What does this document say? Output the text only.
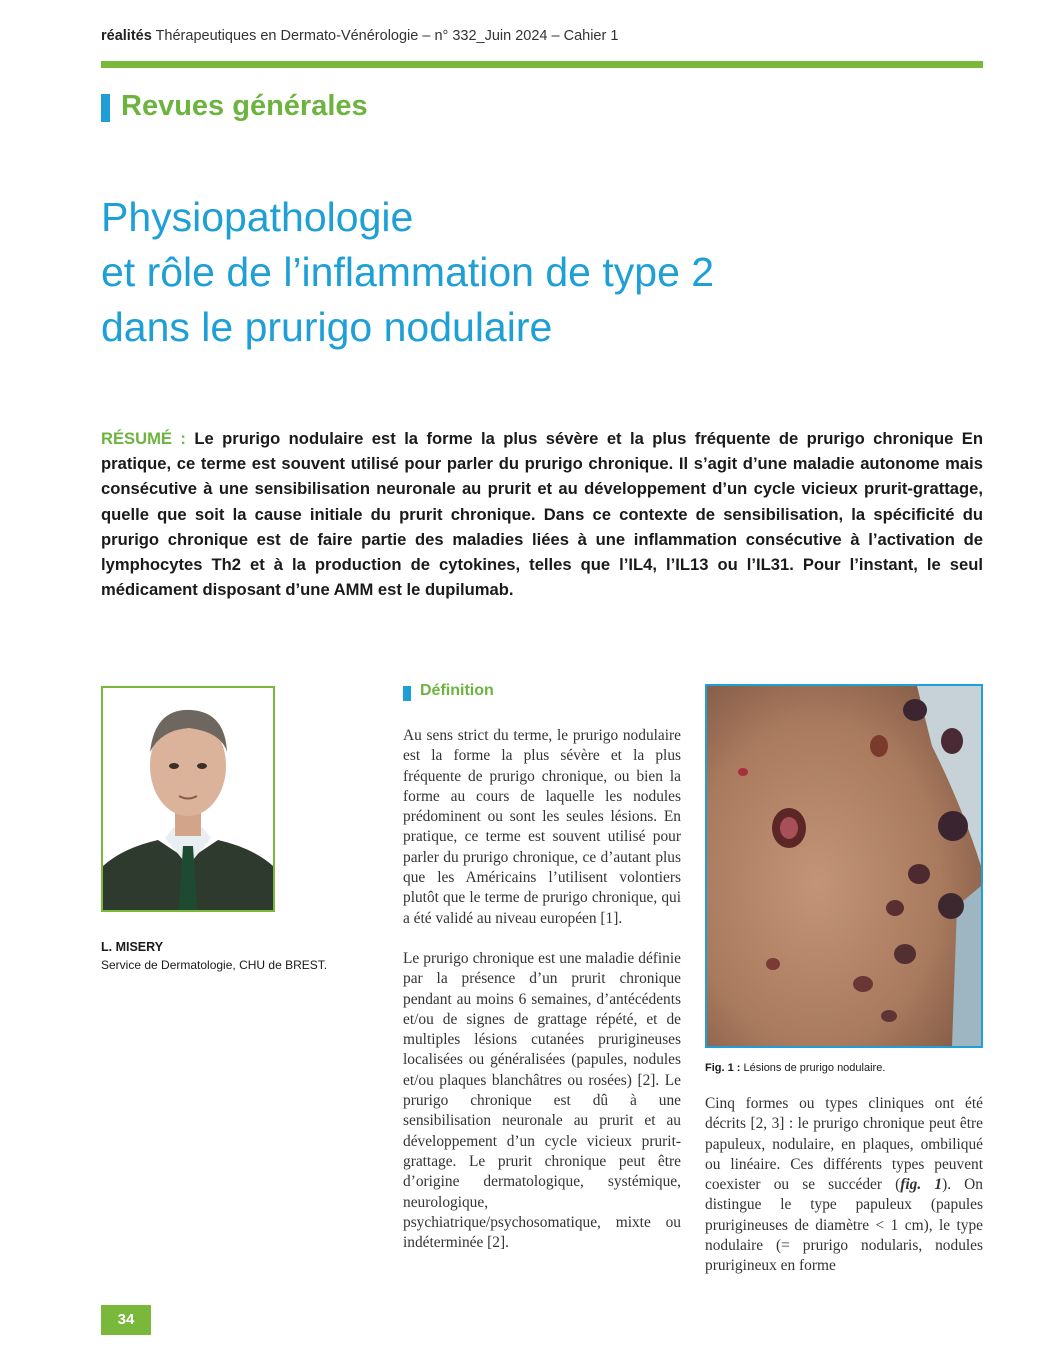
réalités Thérapeutiques en Dermato-Vénérologie – n° 332_Juin 2024 – Cahier 1
Revues générales
Physiopathologie
et rôle de l’inflammation de type 2
dans le prurigo nodulaire
RÉSUMÉ : Le prurigo nodulaire est la forme la plus sévère et la plus fréquente de prurigo chronique En pratique, ce terme est souvent utilisé pour parler du prurigo chronique. Il s’agit d’une maladie autonome mais consécutive à une sensibilisation neuronale au prurit et au développement d’un cycle vicieux prurit-grattage, quelle que soit la cause initiale du prurit chronique. Dans ce contexte de sensibilisation, la spécificité du prurigo chronique est de faire partie des maladies liées à une inflammation consécutive à l’activation de lymphocytes Th2 et à la production de cytokines, telles que l’IL4, l’IL13 ou l’IL31. Pour l’instant, le seul médicament disposant d’une AMM est le dupilumab.
L. MISERY
Service de Dermatologie, CHU de BREST.
Définition

Au sens strict du terme, le prurigo nodulaire est la forme la plus sévère et la plus fréquente de prurigo chronique, ou bien la forme au cours de laquelle les nodules prédominent ou sont les seules lésions. En pratique, ce terme est souvent utilisé pour parler du prurigo chronique, ce d’autant plus que les Américains l’utilisent volontiers plutôt que le terme de prurigo chronique, qui a été validé au niveau européen [1].

Le prurigo chronique est une maladie définie par la présence d’un prurit chronique pendant au moins 6 semaines, d’antécédents et/ou de signes de grattage répété, et de multiples lésions cutanées prurigineuses localisées ou généralisées (papules, nodules et/ou plaques blanchâtres ou rosées) [2]. Le prurigo chronique est dû à une sensibilisation neuronale au prurit et au développement d’un cycle vicieux prurit-grattage. Le prurit chronique peut être d’origine dermatologique, systémique, neurologique, psychiatrique/psychosomatique, mixte ou indéterminée [2].

Fig. 1 : Lésions de prurigo nodulaire.

Cinq formes ou types cliniques ont été décrits [2, 3] : le prurigo chronique peut être papuleux, nodulaire, en plaques, ombiliqué ou linéaire. Ces différents types peuvent coexister ou se succéder (fig. 1). On distingue le type papuleux (papules prurigineuses de diamètre < 1 cm), le type nodulaire (= prurigo nodularis, nodules prurigineux en forme

34
